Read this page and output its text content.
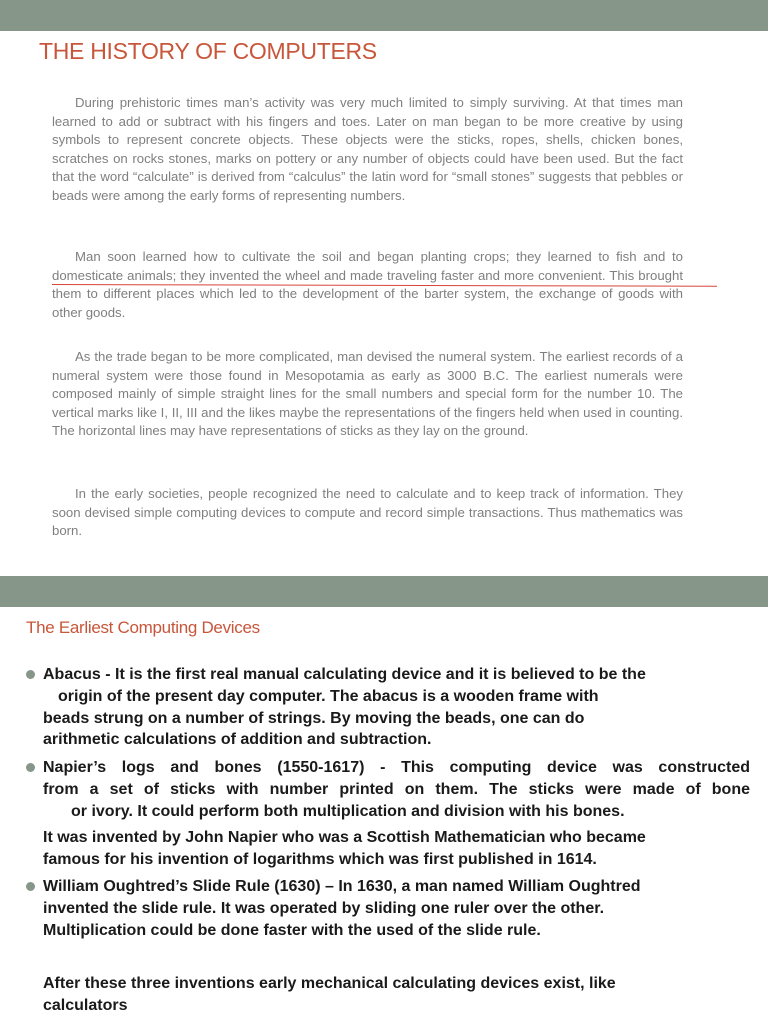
THE HISTORY OF COMPUTERS

During prehistoric times man’s activity was very much limited to simply surviving. At that times man learned to add or subtract with his fingers and toes. Later on man began to be more creative by using symbols to represent concrete objects. These objects were the sticks, ropes, shells, chicken bones, scratches on rocks stones, marks on pottery or any number of objects could have been used. But the fact that the word “calculate” is derived from “calculus” the latin word for “small stones” suggests that pebbles or beads were among the early forms of representing numbers.

Man soon learned how to cultivate the soil and began planting crops; they learned to fish and to domesticate animals; they invented the wheel and made traveling faster and more convenient. This brought them to different places which led to the development of the barter system, the exchange of goods with other goods.

As the trade began to be more complicated, man devised the numeral system. The earliest records of a numeral system were those found in Mesopotamia as early as 3000 B.C. The earliest numerals were composed mainly of simple straight lines for the small numbers and special form for the number 10. The vertical marks like I, II, III and the likes maybe the representations of the fingers held when used in counting. The horizontal lines may have representations of sticks as they lay on the ground.

In the early societies, people recognized the need to calculate and to keep track of information. They soon devised simple computing devices to compute and record simple transactions. Thus mathematics was born.

The Earliest Computing Devices
Abacus - It is the first real manual calculating device and it is believed to be the
origin of the present day computer. The abacus is a wooden frame with
beads strung on a number of strings. By moving the beads, one can do
arithmetic calculations of addition and subtraction.
Napier’s logs and bones (1550-1617) - This computing device was constructed
from a set of sticks with number printed on them. The sticks were made of bone
or ivory. It could perform both multiplication and division with his bones.
It was invented by John Napier who was a Scottish Mathematician who became
famous for his invention of logarithms which was first published in 1614.
William Oughtred’s Slide Rule (1630) – In 1630, a man named William Oughtred
invented the slide rule. It was operated by sliding one ruler over the other.
Multiplication could be done faster with the used of the slide rule.
After these three inventions early mechanical calculating devices exist, like
calculators
